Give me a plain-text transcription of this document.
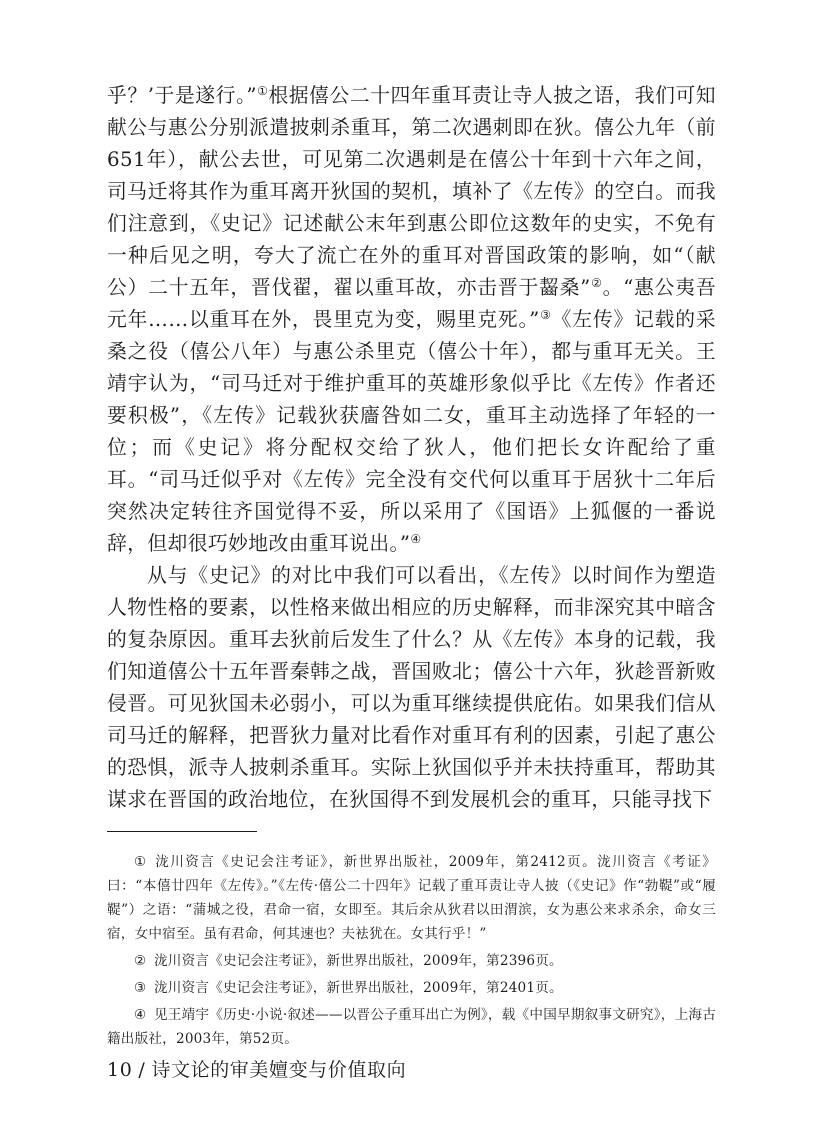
乎？’于是遂行。”①根据僖公二十四年重耳责让寺人披之语，我们可知献公与惠公分别派遣披刺杀重耳，第二次遇刺即在狄。僖公九年（前651年），献公去世，可见第二次遇刺是在僖公十年到十六年之间，司马迁将其作为重耳离开狄国的契机，填补了《左传》的空白。而我们注意到，《史记》记述献公末年到惠公即位这数年的史实，不免有一种后见之明，夸大了流亡在外的重耳对晋国政策的影响，如“（献公）二十五年，晋伐翟，翟以重耳故，亦击晋于齧桑”②。“惠公夷吾元年……以重耳在外，畏里克为变，赐里克死。”③《左传》记载的采桑之役（僖公八年）与惠公杀里克（僖公十年），都与重耳无关。王靖宇认为，“司马迁对于维护重耳的英雄形象似乎比《左传》作者还要积极”，《左传》记载狄获廧咎如二女，重耳主动选择了年轻的一位；而《史记》将分配权交给了狄人，他们把长女许配给了重耳。“司马迁似乎对《左传》完全没有交代何以重耳于居狄十二年后突然决定转往齐国觉得不妥，所以采用了《国语》上狐偃的一番说辞，但却很巧妙地改由重耳说出。”④

从与《史记》的对比中我们可以看出，《左传》以时间作为塑造人物性格的要素，以性格来做出相应的历史解释，而非深究其中暗含的复杂原因。重耳去狄前后发生了什么？从《左传》本身的记载，我们知道僖公十五年晋秦韩之战，晋国败北；僖公十六年，狄趁晋新败侵晋。可见狄国未必弱小，可以为重耳继续提供庇佑。如果我们信从司马迁的解释，把晋狄力量对比看作对重耳有利的因素，引起了惠公的恐惧，派寺人披刺杀重耳。实际上狄国似乎并未扶持重耳，帮助其谋求在晋国的政治地位，在狄国得不到发展机会的重耳，只能寻找下

① 泷川资言《史记会注考证》，新世界出版社，2009年，第2412页。泷川资言《考证》曰：“本僖廿四年《左传》。”《左传·僖公二十四年》记载了重耳责让寺人披（《史记》作“勃鞮”或“履鞮”）之语：“蒲城之役，君命一宿，女即至。其后余从狄君以田渭滨，女为惠公来求杀余，命女三宿，女中宿至。虽有君命，何其速也？夫袪犹在。女其行乎！”

② 泷川资言《史记会注考证》，新世界出版社，2009年，第2396页。

③ 泷川资言《史记会注考证》，新世界出版社，2009年，第2401页。

④ 见王靖宇《历史·小说·叙述——以晋公子重耳出亡为例》，载《中国早期叙事文研究》，上海古籍出版社，2003年，第52页。

10 / 诗文论的审美嬗变与价值取向
